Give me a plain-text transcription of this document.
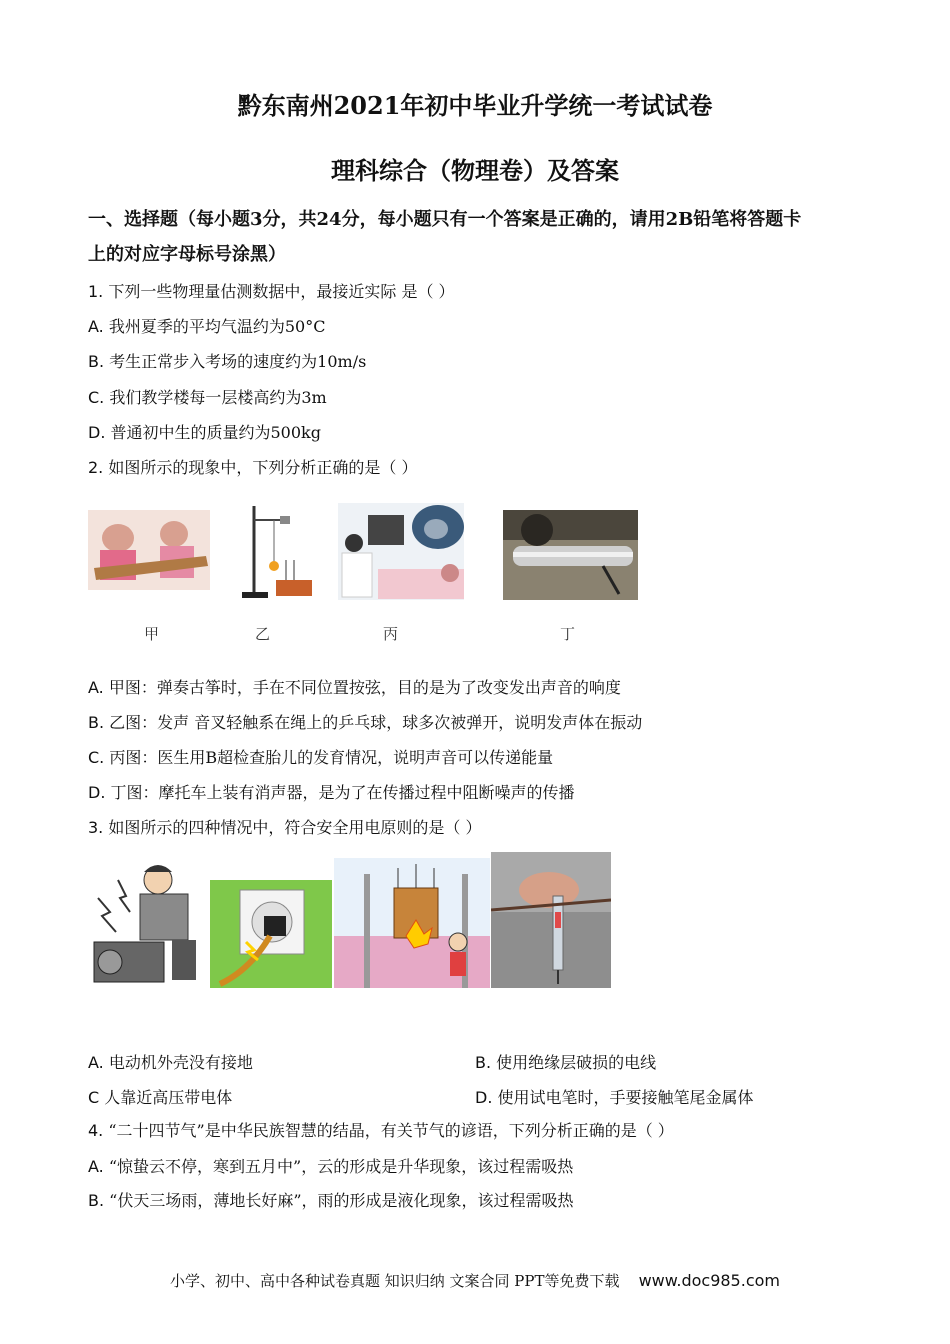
黔东南州2021年初中毕业升学统一考试试卷
理科综合（物理卷）及答案
一、选择题（每小题3分，共24分，每小题只有一个答案是正确的，请用2B铅笔将答题卡
上的对应字母标号涂黑）
1. 下列一些物理量估测数据中，最接近实际 是（ ）
A. 我州夏季的平均气温约为50°C
B. 考生正常步入考场的速度约为10m/s
C. 我们教学楼每一层楼高约为3m
D. 普通初中生的质量约为500kg
2. 如图所示的现象中，下列分析正确的是（ ）
甲	乙	丙	丁
A. 甲图：弹奏古筝时，手在不同位置按弦，目的是为了改变发出声音的响度
B. 乙图：发声 音叉轻触系在绳上的乒乓球，球多次被弹开，说明发声体在振动
C. 丙图：医生用B超检查胎儿的发育情况，说明声音可以传递能量
D. 丁图：摩托车上装有消声器，是为了在传播过程中阻断噪声的传播
3. 如图所示的四种情况中，符合安全用电原则的是（ ）
A. 电动机外壳没有接地	B. 使用绝缘层破损的电线
C 人靠近高压带电体	D. 使用试电笔时，手要接触笔尾金属体
4. “二十四节气”是中华民族智慧的结晶，有关节气的谚语，下列分析正确的是（ ）
A. “惊蛰云不停，寒到五月中”，云的形成是升华现象，该过程需吸热
B. “伏天三场雨，薄地长好麻”，雨的形成是液化现象，该过程需吸热
小学、初中、高中各种试卷真题 知识归纳 文案合同 PPT等免费下载 www.doc985.com
